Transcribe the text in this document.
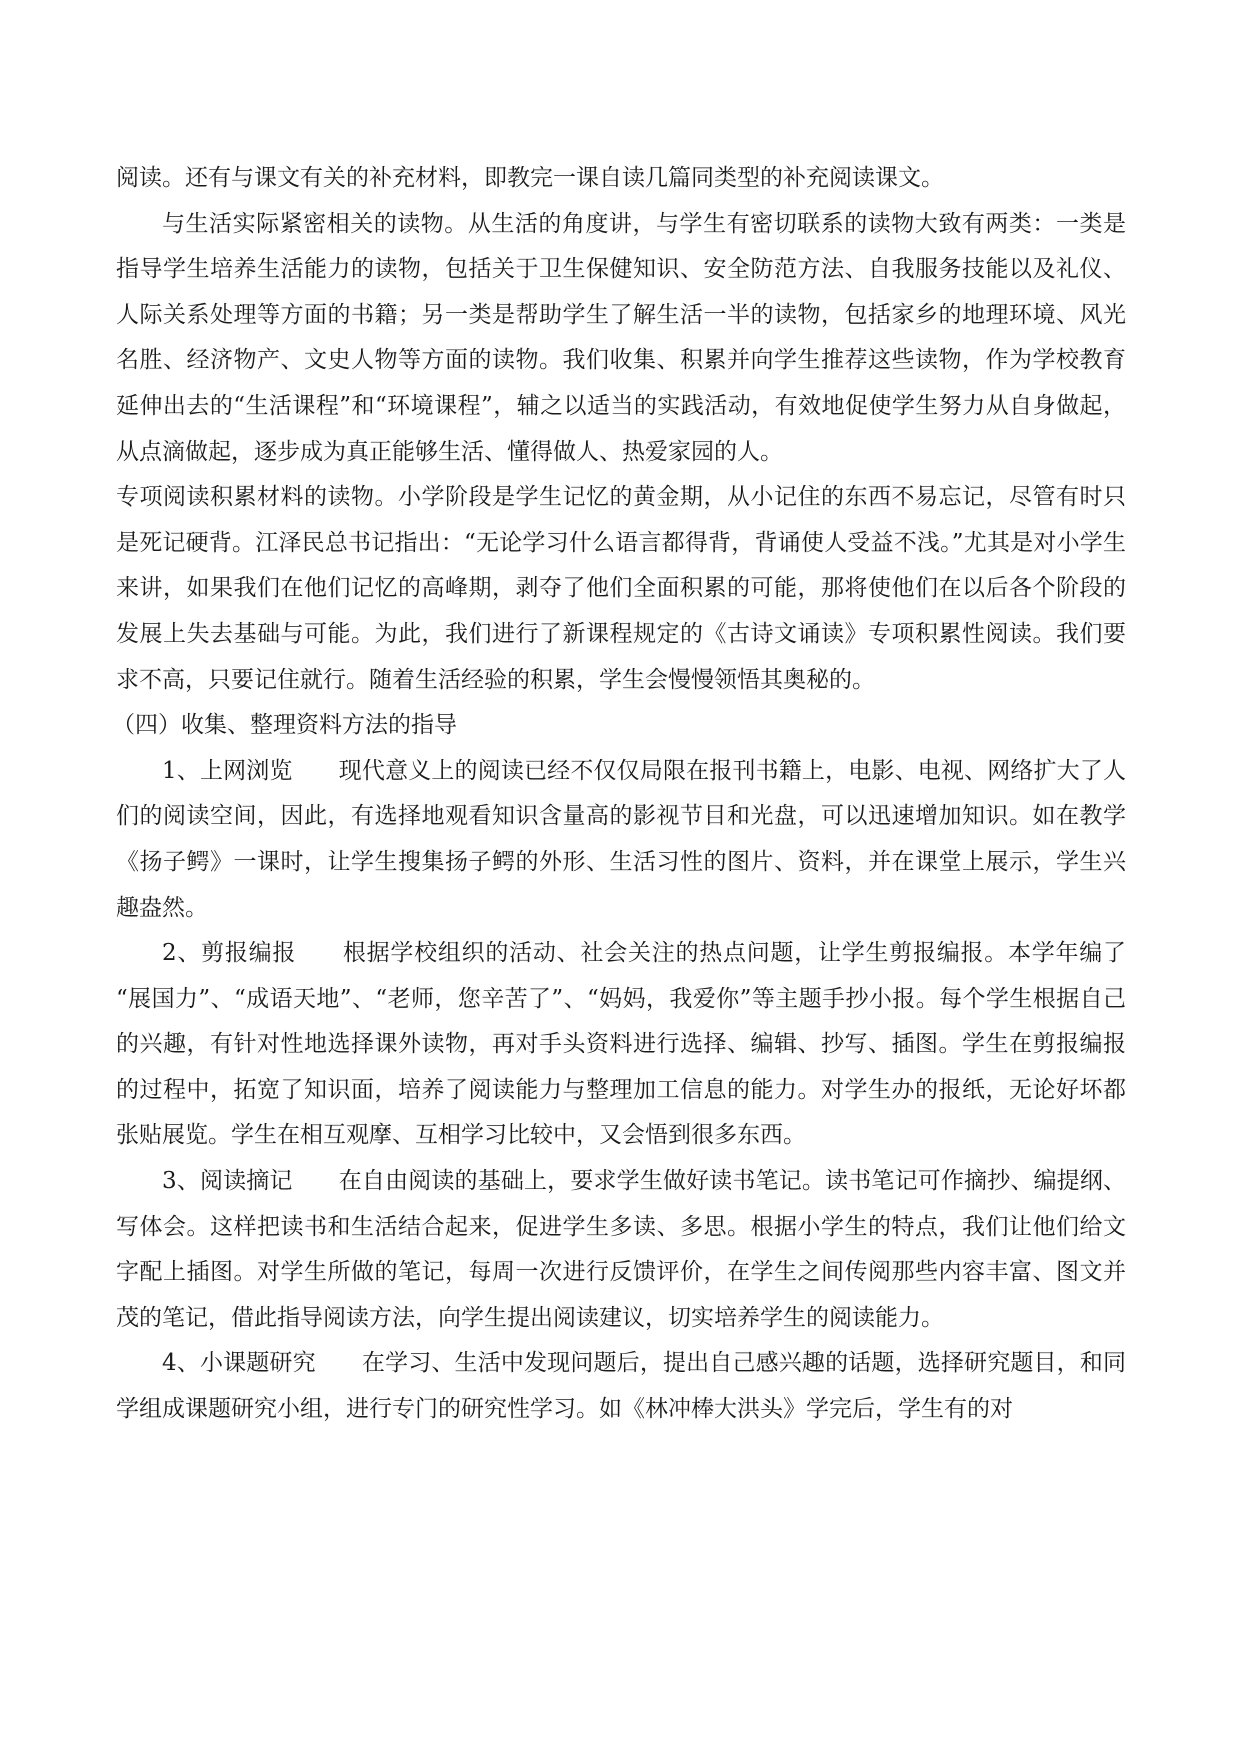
阅读。还有与课文有关的补充材料，即教完一课自读几篇同类型的补充阅读课文。

与生活实际紧密相关的读物。从生活的角度讲，与学生有密切联系的读物大致有两类：一类是指导学生培养生活能力的读物，包括关于卫生保健知识、安全防范方法、自我服务技能以及礼仪、人际关系处理等方面的书籍；另一类是帮助学生了解生活一半的读物，包括家乡的地理环境、风光名胜、经济物产、文史人物等方面的读物。我们收集、积累并向学生推荐这些读物，作为学校教育延伸出去的“生活课程”和“环境课程”，辅之以适当的实践活动，有效地促使学生努力从自身做起，从点滴做起，逐步成为真正能够生活、懂得做人、热爱家园的人。

专项阅读积累材料的读物。小学阶段是学生记忆的黄金期，从小记住的东西不易忘记，尽管有时只是死记硬背。江泽民总书记指出：“无论学习什么语言都得背，背诵使人受益不浅。”尤其是对小学生来讲，如果我们在他们记忆的高峰期，剥夺了他们全面积累的可能，那将使他们在以后各个阶段的发展上失去基础与可能。为此，我们进行了新课程规定的《古诗文诵读》专项积累性阅读。我们要求不高，只要记住就行。随着生活经验的积累，学生会慢慢领悟其奥秘的。

（四）收集、整理资料方法的指导

1、上网浏览 现代意义上的阅读已经不仅仅局限在报刊书籍上，电影、电视、网络扩大了人们的阅读空间，因此，有选择地观看知识含量高的影视节目和光盘，可以迅速增加知识。如在教学《扬子鳄》一课时，让学生搜集扬子鳄的外形、生活习性的图片、资料，并在课堂上展示，学生兴趣盎然。

2、剪报编报 根据学校组织的活动、社会关注的热点问题，让学生剪报编报。本学年编了 “展国力”、“成语天地”、“老师，您辛苦了”、“妈妈，我爱你”等主题手抄小报。每个学生根据自己的兴趣，有针对性地选择课外读物，再对手头资料进行选择、编辑、抄写、插图。学生在剪报编报的过程中，拓宽了知识面，培养了阅读能力与整理加工信息的能力。对学生办的报纸，无论好坏都张贴展览。学生在相互观摩、互相学习比较中，又会悟到很多东西。

3、阅读摘记 在自由阅读的基础上，要求学生做好读书笔记。读书笔记可作摘抄、编提纲、写体会。这样把读书和生活结合起来，促进学生多读、多思。根据小学生的特点，我们让他们给文字配上插图。对学生所做的笔记，每周一次进行反馈评价，在学生之间传阅那些内容丰富、图文并茂的笔记，借此指导阅读方法，向学生提出阅读建议，切实培养学生的阅读能力。

4、小课题研究 在学习、生活中发现问题后，提出自己感兴趣的话题，选择研究题目，和同学组成课题研究小组，进行专门的研究性学习。如《林冲棒大洪头》学完后，学生有的对
